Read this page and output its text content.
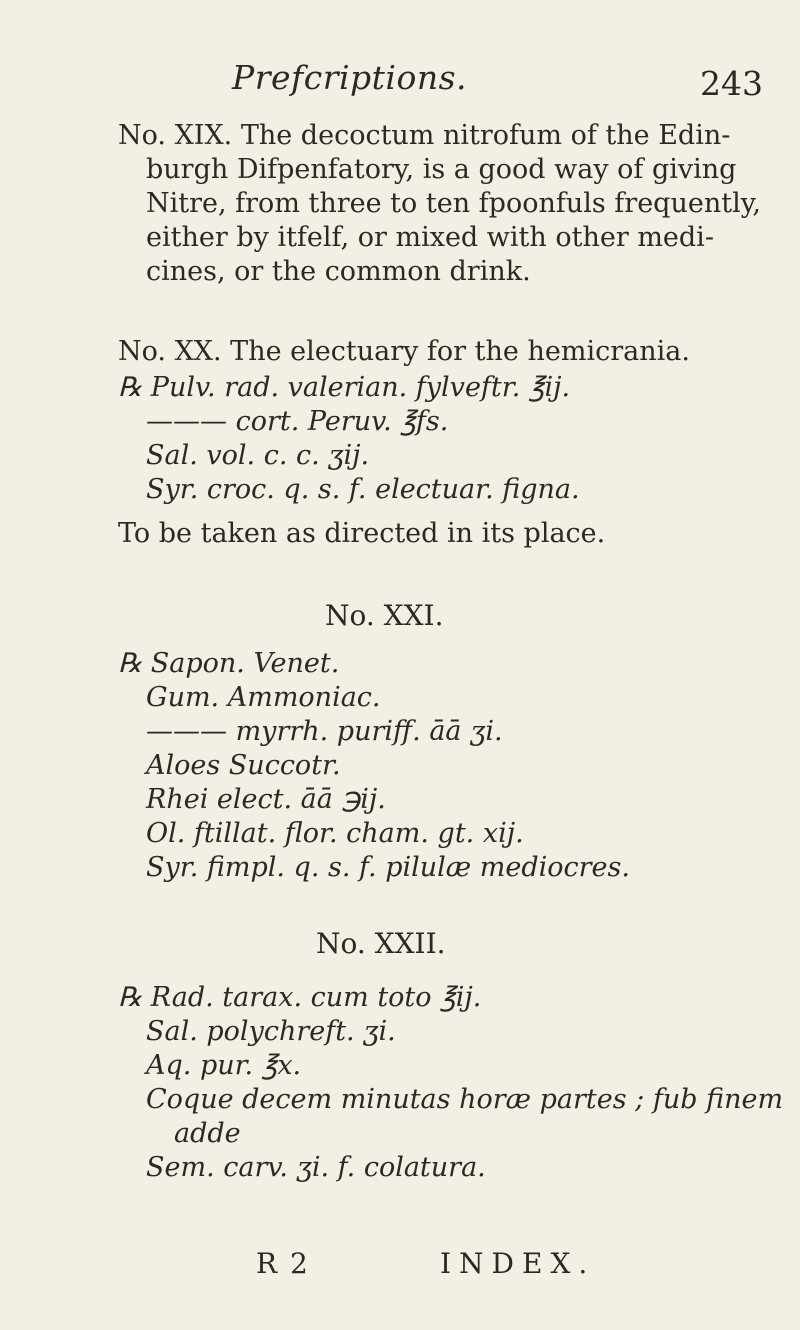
Prefcriptions.	243
No. XIX. The decoctum nitrofum of the Edin-
burgh Difpenfatory, is a good way of giving
Nitre, from three to ten fpoonfuls frequently,
either by itfelf, or mixed with other medi-
cines, or the common drink.
No. XX. The electuary for the hemicrania.
℞ Pulv. rad. valerian. fylveftr. ℥ij.
——— cort. Peruv. ℥fs.
Sal. vol. c. c. ʒij.
Syr. croc. q. s. f. electuar. figna.
To be taken as directed in its place.
No. XXI.
℞ Sapon. Venet.
Gum. Ammoniac.
——— myrrh. puriff. āā ʒi.
Aloes Succotr.
Rhei elect. āā ℈ij.
Ol. ftillat. flor. cham. gt. xij.
Syr. fimpl. q. s. f. pilulæ mediocres.
No. XXII.
℞ Rad. tarax. cum toto ℥ij.
Sal. polychreft. ʒi.
Aq. pur. ℥x.
Coque decem minutas horæ partes ; fub finem
adde
Sem. carv. ʒi. f. colatura.
R 2	INDEX.
